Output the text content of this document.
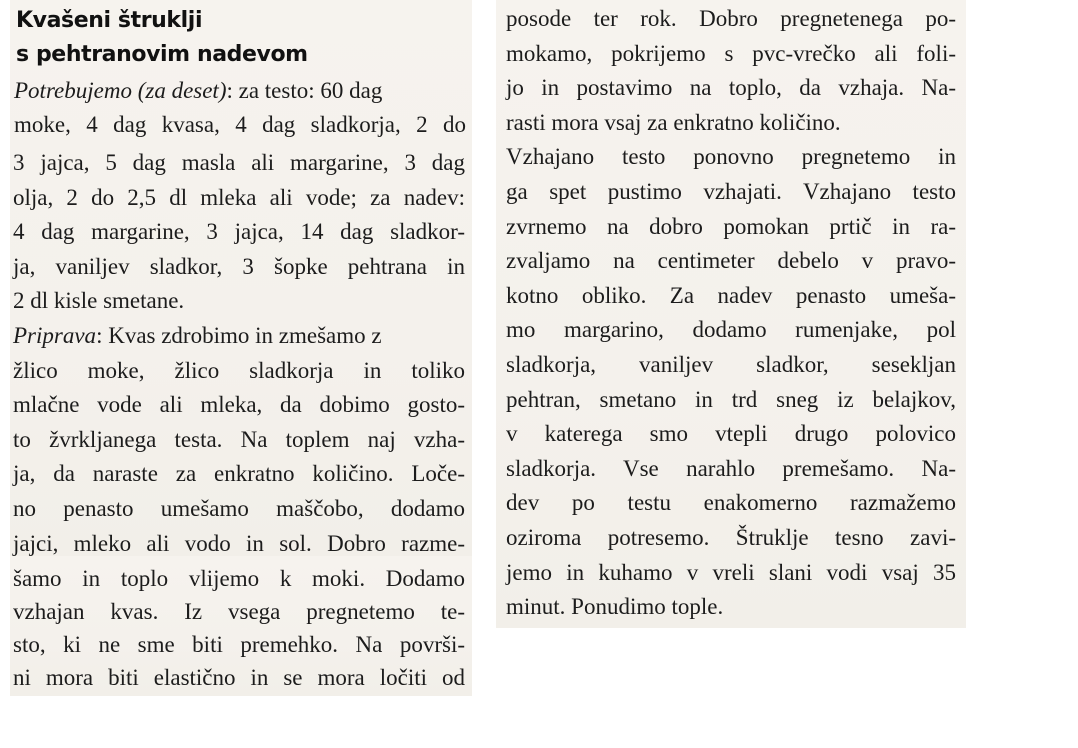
Kvašeni štruklji
s pehtranovim nadevom
Potrebujemo (za deset): za testo: 60 dag
moke, 4 dag kvasa, 4 dag sladkorja, 2 do
3 jajca, 5 dag masla ali margarine, 3 dag
olja, 2 do 2,5 dl mleka ali vode; za nadev:
4 dag margarine, 3 jajca, 14 dag sladkor-
ja, vaniljev sladkor, 3 šopke pehtrana in
2 dl kisle smetane.
Priprava: Kvas zdrobimo in zmešamo z
žlico moke, žlico sladkorja in toliko
mlačne vode ali mleka, da dobimo gosto-
to žvrkljanega testa. Na toplem naj vzha-
ja, da naraste za enkratno količino. Loče-
no penasto umešamo maščobo, dodamo
jajci, mleko ali vodo in sol. Dobro razme-
šamo in toplo vlijemo k moki. Dodamo
vzhajan kvas. Iz vsega pregnetemo te-
sto, ki ne sme biti premehko. Na površi-
ni mora biti elastično in se mora ločiti od
posode ter rok. Dobro pregnetenega po-
mokamo, pokrijemo s pvc-vrečko ali foli-
jo in postavimo na toplo, da vzhaja. Na-
rasti mora vsaj za enkratno količino.
Vzhajano testo ponovno pregnetemo in
ga spet pustimo vzhajati. Vzhajano testo
zvrnemo na dobro pomokan prtič in ra-
zvaljamo na centimeter debelo v pravo-
kotno obliko. Za nadev penasto umeša-
mo margarino, dodamo rumenjake, pol
sladkorja, vaniljev sladkor, sesekljan
pehtran, smetano in trd sneg iz belajkov,
v katerega smo vtepli drugo polovico
sladkorja. Vse narahlo premešamo. Na-
dev po testu enakomerno razmažemo
oziroma potresemo. Štruklje tesno zavi-
jemo in kuhamo v vreli slani vodi vsaj 35
minut. Ponudimo tople.
